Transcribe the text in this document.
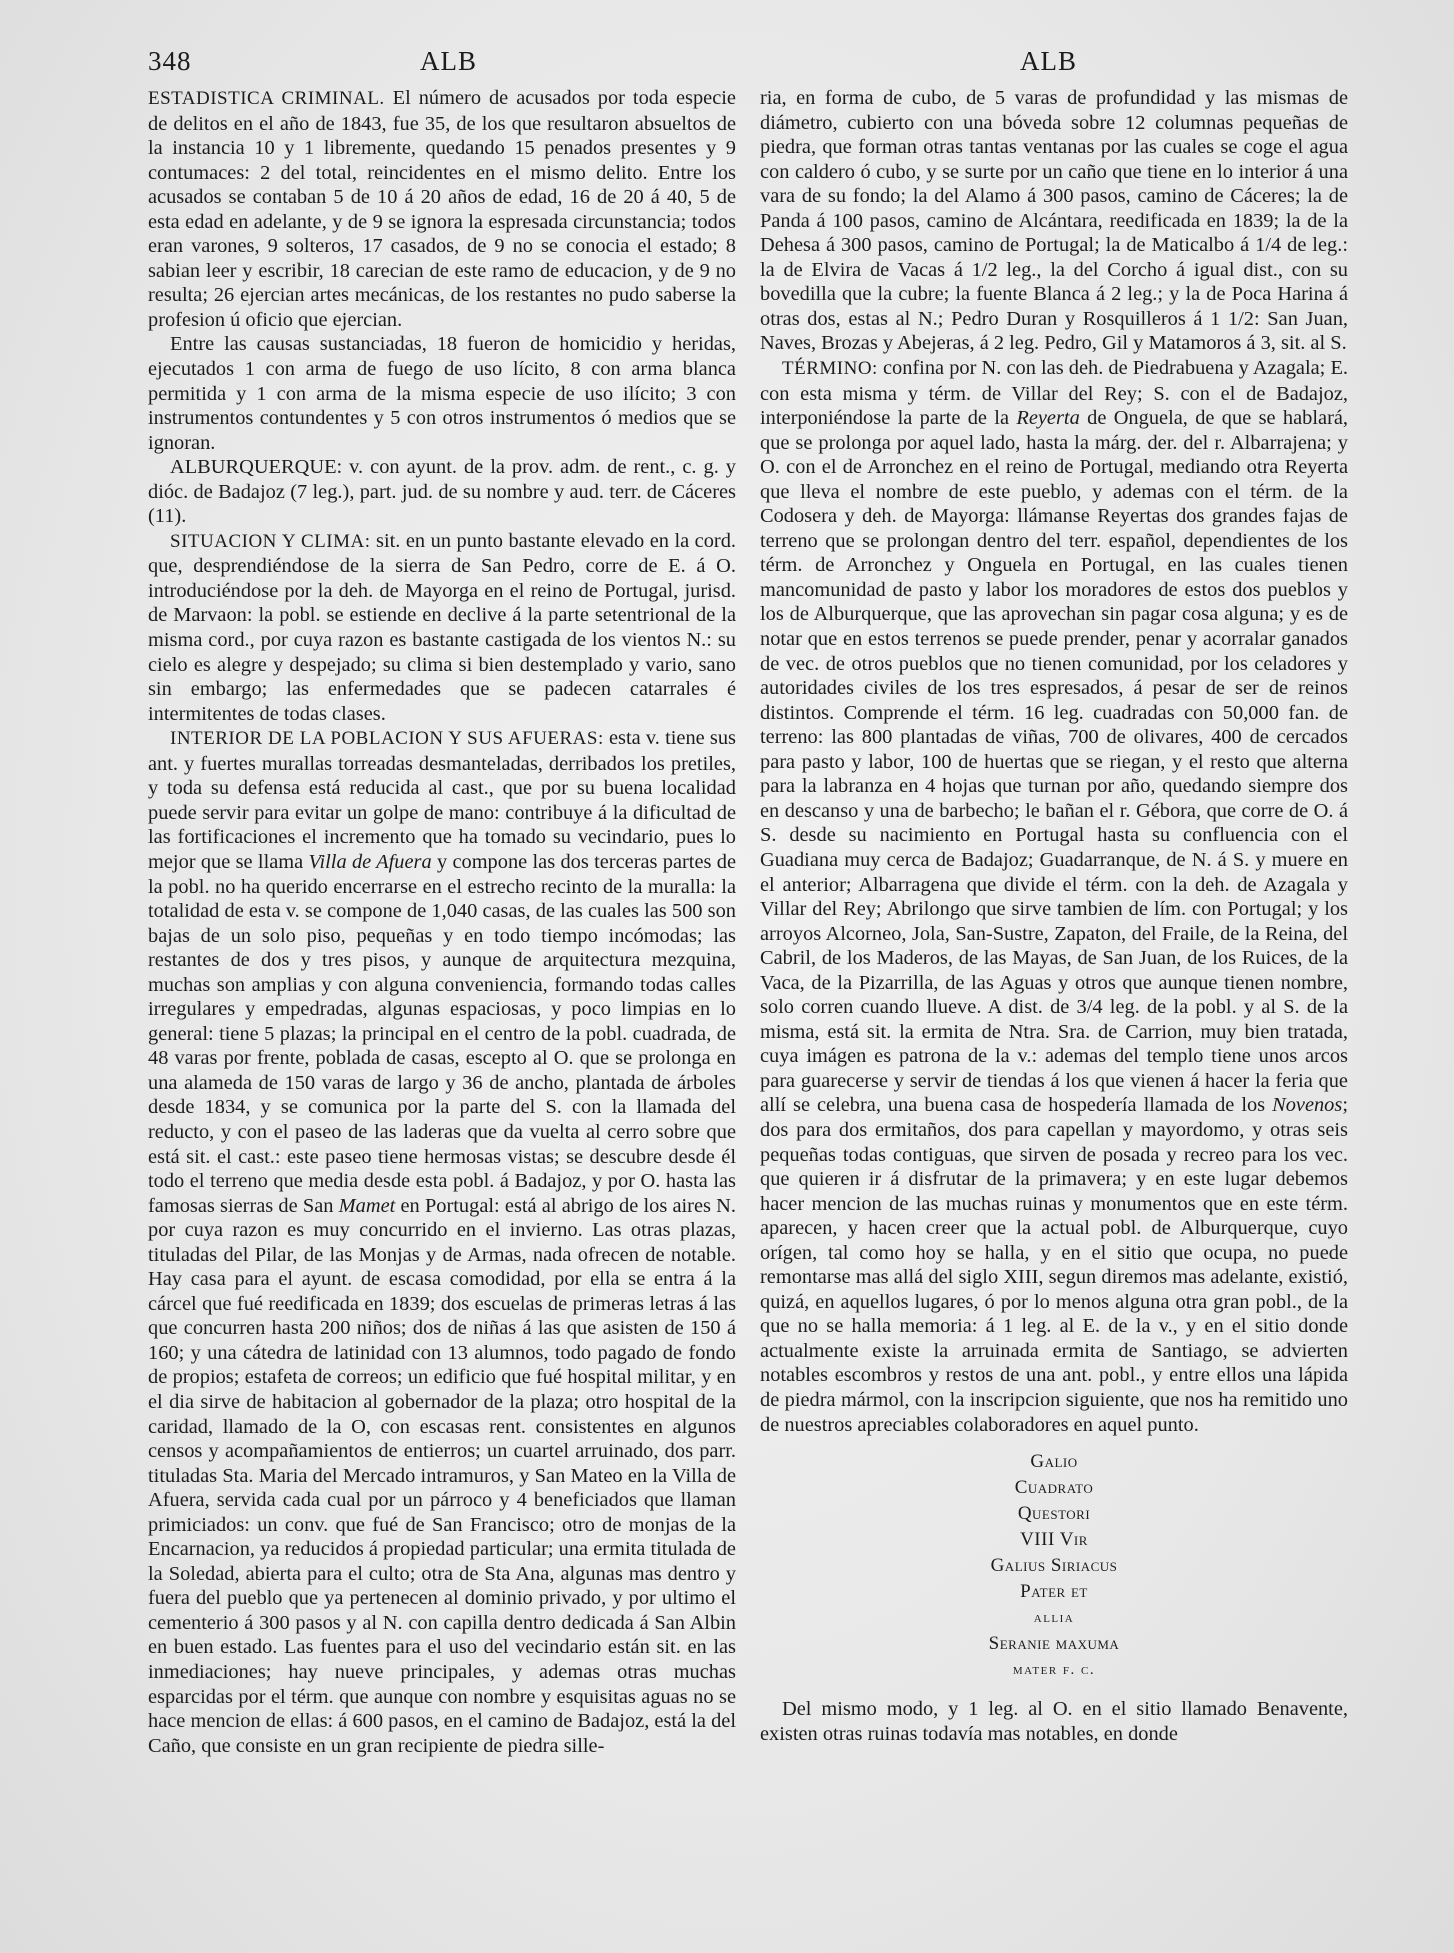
348	ALB	ALB

ESTADISTICA CRIMINAL. El número de acusados por toda especie de delitos en el año de 1843, fue 35, de los que resultaron absueltos de la instancia 10 y 1 libremente, quedando 15 penados presentes y 9 contumaces: 2 del total, reincidentes en el mismo delito. Entre los acusados se contaban 5 de 10 á 20 años de edad, 16 de 20 á 40, 5 de esta edad en adelante, y de 9 se ignora la espresada circunstancia; todos eran varones, 9 solteros, 17 casados, de 9 no se conocia el estado; 8 sabian leer y escribir, 18 carecian de este ramo de educacion, y de 9 no resulta; 26 ejercian artes mecánicas, de los restantes no pudo saberse la profesion ú oficio que ejercian.

Entre las causas sustanciadas, 18 fueron de homicidio y heridas, ejecutados 1 con arma de fuego de uso lícito, 8 con arma blanca permitida y 1 con arma de la misma especie de uso ilícito; 3 con instrumentos contundentes y 5 con otros instrumentos ó medios que se ignoran.

ALBURQUERQUE: v. con ayunt. de la prov. adm. de rent., c. g. y dióc. de Badajoz (7 leg.), part. jud. de su nombre y aud. terr. de Cáceres (11).

SITUACION Y CLIMA: sit. en un punto bastante elevado en la cord. que, desprendiéndose de la sierra de San Pedro, corre de E. á O. introduciéndose por la deh. de Mayorga en el reino de Portugal, jurisd. de Marvaon: la pobl. se estiende en declive á la parte setentrional de la misma cord., por cuya razon es bastante castigada de los vientos N.: su cielo es alegre y despejado; su clima si bien destemplado y vario, sano sin embargo; las enfermedades que se padecen catarrales é intermitentes de todas clases.

INTERIOR DE LA POBLACION Y SUS AFUERAS: esta v. tiene sus ant. y fuertes murallas torreadas desmanteladas, derribados los pretiles, y toda su defensa está reducida al cast., que por su buena localidad puede servir para evitar un golpe de mano: contribuye á la dificultad de las fortificaciones el incremento que ha tomado su vecindario, pues lo mejor que se llama Villa de Afuera y compone las dos terceras partes de la pobl. no ha querido encerrarse en el estrecho recinto de la muralla: la totalidad de esta v. se compone de 1,040 casas, de las cuales las 500 son bajas de un solo piso, pequeñas y en todo tiempo incómodas; las restantes de dos y tres pisos, y aunque de arquitectura mezquina, muchas son amplias y con alguna conveniencia, formando todas calles irregulares y empedradas, algunas espaciosas, y poco limpias en lo general: tiene 5 plazas; la principal en el centro de la pobl. cuadrada, de 48 varas por frente, poblada de casas, escepto al O. que se prolonga en una alameda de 150 varas de largo y 36 de ancho, plantada de árboles desde 1834, y se comunica por la parte del S. con la llamada del reducto, y con el paseo de las laderas que da vuelta al cerro sobre que está sit. el cast.: este paseo tiene hermosas vistas; se descubre desde él todo el terreno que media desde esta pobl. á Badajoz, y por O. hasta las famosas sierras de San Mamet en Portugal: está al abrigo de los aires N. por cuya razon es muy concurrido en el invierno. Las otras plazas, tituladas del Pilar, de las Monjas y de Armas, nada ofrecen de notable. Hay casa para el ayunt. de escasa comodidad, por ella se entra á la cárcel que fué reedificada en 1839; dos escuelas de primeras letras á las que concurren hasta 200 niños; dos de niñas á las que asisten de 150 á 160; y una cátedra de latinidad con 13 alumnos, todo pagado de fondo de propios; estafeta de correos; un edificio que fué hospital militar, y en el dia sirve de habitacion al gobernador de la plaza; otro hospital de la caridad, llamado de la O, con escasas rent. consistentes en algunos censos y acompañamientos de entierros; un cuartel arruinado, dos parr. tituladas Sta. Maria del Mercado intramuros, y San Mateo en la Villa de Afuera, servida cada cual por un párroco y 4 beneficiados que llaman primiciados: un conv. que fué de San Francisco; otro de monjas de la Encarnacion, ya reducidos á propiedad particular; una ermita titulada de la Soledad, abierta para el culto; otra de Sta Ana, algunas mas dentro y fuera del pueblo que ya pertenecen al dominio privado, y por ultimo el cementerio á 300 pasos y al N. con capilla dentro dedicada á San Albin en buen estado. Las fuentes para el uso del vecindario están sit. en las inmediaciones; hay nueve principales, y ademas otras muchas esparcidas por el térm. que aunque con nombre y esquisitas aguas no se hace mencion de ellas: á 600 pasos, en el camino de Badajoz, está la del Caño, que consiste en un gran recipiente de piedra sille-

ria, en forma de cubo, de 5 varas de profundidad y las mismas de diámetro, cubierto con una bóveda sobre 12 columnas pequeñas de piedra, que forman otras tantas ventanas por las cuales se coge el agua con caldero ó cubo, y se surte por un caño que tiene en lo interior á una vara de su fondo; la del Alamo á 300 pasos, camino de Cáceres; la de Panda á 100 pasos, camino de Alcántara, reedificada en 1839; la de la Dehesa á 300 pasos, camino de Portugal; la de Maticalbo á 1/4 de leg.: la de Elvira de Vacas á 1/2 leg., la del Corcho á igual dist., con su bovedilla que la cubre; la fuente Blanca á 2 leg.; y la de Poca Harina á otras dos, estas al N.; Pedro Duran y Rosquilleros á 1 1/2: San Juan, Naves, Brozas y Abejeras, á 2 leg. Pedro, Gil y Matamoros á 3, sit. al S.

TÉRMINO: confina por N. con las deh. de Piedrabuena y Azagala; E. con esta misma y térm. de Villar del Rey; S. con el de Badajoz, interponiéndose la parte de la Reyerta de Onguela, de que se hablará, que se prolonga por aquel lado, hasta la márg. der. del r. Albarrajena; y O. con el de Arronchez en el reino de Portugal, mediando otra Reyerta que lleva el nombre de este pueblo, y ademas con el térm. de la Codosera y deh. de Mayorga: llámanse Reyertas dos grandes fajas de terreno que se prolongan dentro del terr. español, dependientes de los térm. de Arronchez y Onguela en Portugal, en las cuales tienen mancomunidad de pasto y labor los moradores de estos dos pueblos y los de Alburquerque, que las aprovechan sin pagar cosa alguna; y es de notar que en estos terrenos se puede prender, penar y acorralar ganados de vec. de otros pueblos que no tienen comunidad, por los celadores y autoridades civiles de los tres espresados, á pesar de ser de reinos distintos. Comprende el térm. 16 leg. cuadradas con 50,000 fan. de terreno: las 800 plantadas de viñas, 700 de olivares, 400 de cercados para pasto y labor, 100 de huertas que se riegan, y el resto que alterna para la labranza en 4 hojas que turnan por año, quedando siempre dos en descanso y una de barbecho; le bañan el r. Gébora, que corre de O. á S. desde su nacimiento en Portugal hasta su confluencia con el Guadiana muy cerca de Badajoz; Guadarranque, de N. á S. y muere en el anterior; Albarragena que divide el térm. con la deh. de Azagala y Villar del Rey; Abrilongo que sirve tambien de lím. con Portugal; y los arroyos Alcorneo, Jola, San-Sustre, Zapaton, del Fraile, de la Reina, del Cabril, de los Maderos, de las Mayas, de San Juan, de los Ruices, de la Vaca, de la Pizarrilla, de las Aguas y otros que aunque tienen nombre, solo corren cuando llueve. A dist. de 3/4 leg. de la pobl. y al S. de la misma, está sit. la ermita de Ntra. Sra. de Carrion, muy bien tratada, cuya imágen es patrona de la v.: ademas del templo tiene unos arcos para guarecerse y servir de tiendas á los que vienen á hacer la feria que allí se celebra, una buena casa de hospedería llamada de los Novenos; dos para dos ermitaños, dos para capellan y mayordomo, y otras seis pequeñas todas contiguas, que sirven de posada y recreo para los vec. que quieren ir á disfrutar de la primavera; y en este lugar debemos hacer mencion de las muchas ruinas y monumentos que en este térm. aparecen, y hacen creer que la actual pobl. de Alburquerque, cuyo orígen, tal como hoy se halla, y en el sitio que ocupa, no puede remontarse mas allá del siglo XIII, segun diremos mas adelante, existió, quizá, en aquellos lugares, ó por lo menos alguna otra gran pobl., de la que no se halla memoria: á 1 leg. al E. de la v., y en el sitio donde actualmente existe la arruinada ermita de Santiago, se advierten notables escombros y restos de una ant. pobl., y entre ellos una lápida de piedra mármol, con la inscripcion siguiente, que nos ha remitido uno de nuestros apreciables colaboradores en aquel punto.

Galio
Cuadrato
Questori
VIII Vir
Galius Siriacus
Pater et
allia
Seranie maxuma
mater f. c.

Del mismo modo, y 1 leg. al O. en el sitio llamado Benavente, existen otras ruinas todavía mas notables, en donde
